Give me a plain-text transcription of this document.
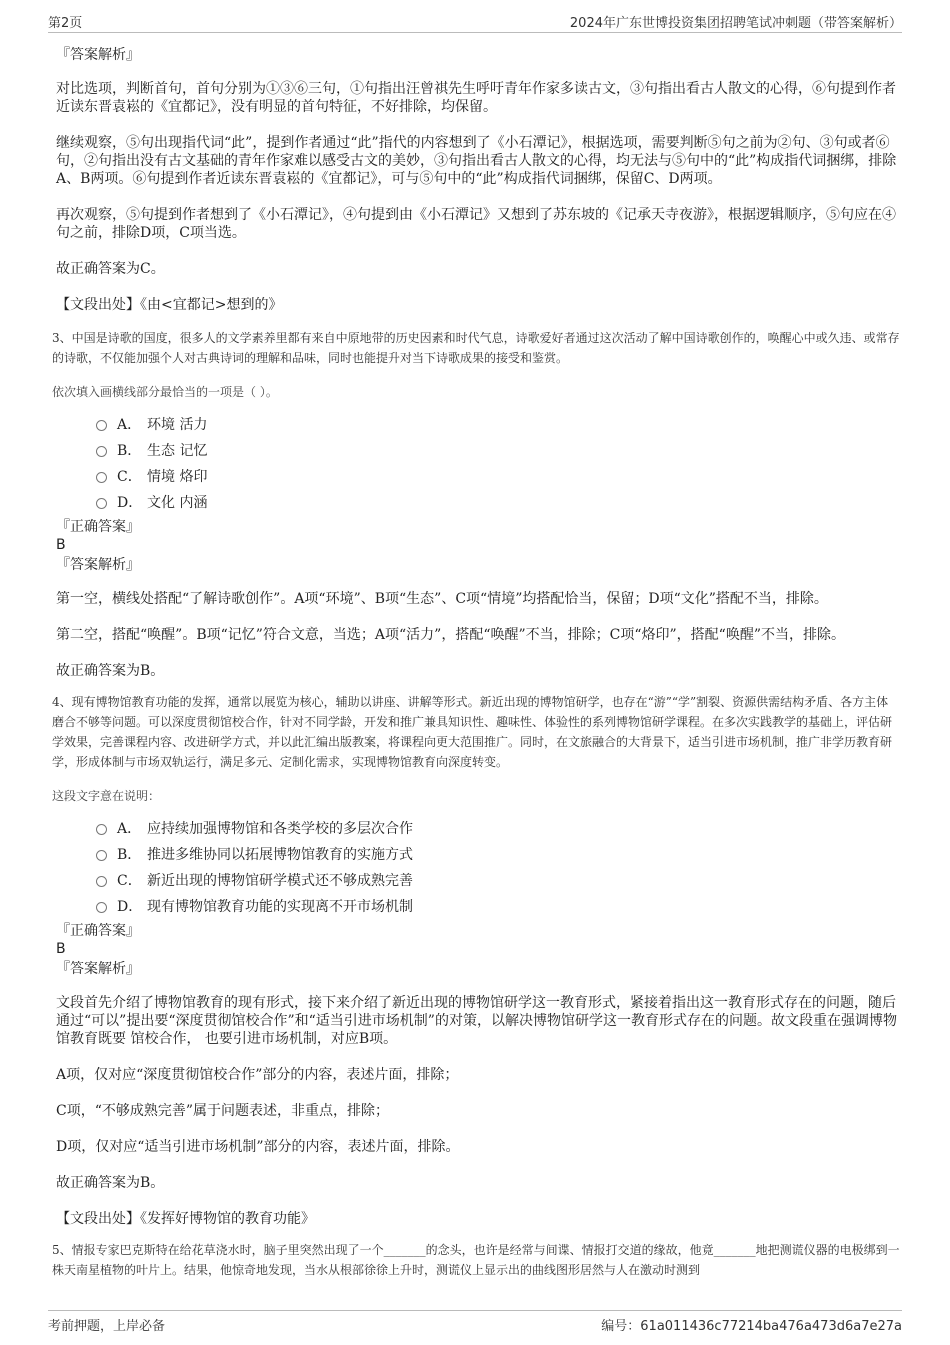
第2页	2024年广东世博投资集团招聘笔试冲刺题（带答案解析）

『答案解析』

对比选项，判断首句，首句分别为①③⑥三句，①句指出汪曾祺先生呼吁青年作家多读古文，③句指出看古人散文的心得，⑥句提到作者近读东晋袁崧的《宜都记》，没有明显的首句特征，不好排除，均保留。

继续观察，⑤句出现指代词“此”，提到作者通过“此”指代的内容想到了《小石潭记》，根据选项，需要判断⑤句之前为②句、③句或者⑥句，②句指出没有古文基础的青年作家难以感受古文的美妙，③句指出看古人散文的心得，均无法与⑤句中的“此”构成指代词捆绑，排除A、B两项。⑥句提到作者近读东晋袁崧的《宜都记》，可与⑤句中的“此”构成指代词捆绑，保留C、D两项。

再次观察，⑤句提到作者想到了《小石潭记》，④句提到由《小石潭记》又想到了苏东坡的《记承天寺夜游》，根据逻辑顺序，⑤句应在④句之前，排除D项，C项当选。

故正确答案为C。

【文段出处】《由<宜都记>想到的》

3、中国是诗歌的国度，很多人的文学素养里都有来自中原地带的历史因素和时代气息，诗歌爱好者通过这次活动了解中国诗歌创作的，唤醒心中或久违、或常存的诗歌，不仅能加强个人对古典诗词的理解和品味，同时也能提升对当下诗歌成果的接受和鉴赏。

依次填入画横线部分最恰当的一项是（ ）。

A． 环境 活力
B． 生态 记忆
C． 情境 烙印
D． 文化 内涵

『正确答案』

B

『答案解析』

第一空，横线处搭配“了解诗歌创作”。A项“环境”、B项“生态”、C项“情境”均搭配恰当，保留；D项“文化”搭配不当，排除。

第二空，搭配“唤醒”。B项“记忆”符合文意，当选；A项“活力”，搭配“唤醒”不当，排除；C项“烙印”，搭配“唤醒”不当，排除。

故正确答案为B。

4、现有博物馆教育功能的发挥，通常以展览为核心，辅助以讲座、讲解等形式。新近出现的博物馆研学，也存在“游”“学”割裂、资源供需结构矛盾、各方主体磨合不够等问题。可以深度贯彻馆校合作，针对不同学龄，开发和推广兼具知识性、趣味性、体验性的系列博物馆研学课程。在多次实践教学的基础上，评估研学效果，完善课程内容、改进研学方式，并以此汇编出版教案，将课程向更大范围推广。同时，在文旅融合的大背景下，适当引进市场机制，推广非学历教育研学，形成体制与市场双轨运行，满足多元、定制化需求，实现博物馆教育向深度转变。

这段文字意在说明：

A． 应持续加强博物馆和各类学校的多层次合作
B． 推进多维协同以拓展博物馆教育的实施方式
C． 新近出现的博物馆研学模式还不够成熟完善
D． 现有博物馆教育功能的实现离不开市场机制

『正确答案』

B

『答案解析』

文段首先介绍了博物馆教育的现有形式，接下来介绍了新近出现的博物馆研学这一教育形式，紧接着指出这一教育形式存在的问题，随后通过“可以”提出要“深度贯彻馆校合作”和“适当引进市场机制”的对策，以解决博物馆研学这一教育形式存在的问题。故文段重在强调博物馆教育既要 馆校合作， 也要引进市场机制，对应B项。

A项，仅对应“深度贯彻馆校合作”部分的内容，表述片面，排除；

C项，“不够成熟完善”属于问题表述，非重点，排除；

D项，仅对应“适当引进市场机制”部分的内容，表述片面，排除。

故正确答案为B。

【文段出处】《发挥好博物馆的教育功能》

5、情报专家巴克斯特在给花草浇水时，脑子里突然出现了一个_______的念头，也许是经常与间谍、情报打交道的缘故，他竟_______地把测谎仪器的电极绑到一株天南星植物的叶片上。结果，他惊奇地发现，当水从根部徐徐上升时，测谎仪上显示出的曲线图形居然与人在激动时测到

考前押题，上岸必备	编号：61a011436c77214ba476a473d6a7e27a
